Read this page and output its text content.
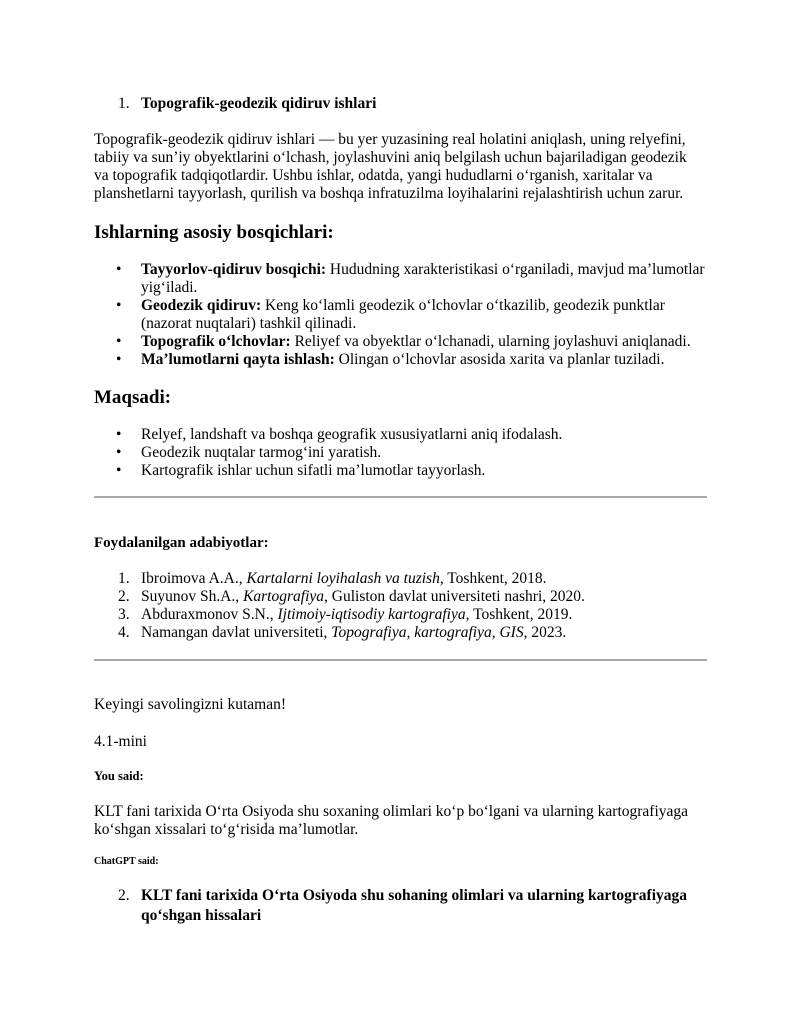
1. Topografik-geodezik qidiruv ishlari

Topografik-geodezik qidiruv ishlari — bu yer yuzasining real holatini aniqlash, uning relyefini, tabiiy va sun’iy obyektlarini o‘lchash, joylashuvini aniq belgilash uchun bajariladigan geodezik va topografik tadqiqotlardir. Ushbu ishlar, odatda, yangi hududlarni o‘rganish, xaritalar va planshetlarni tayyorlash, qurilish va boshqa infratuzilma loyihalarini rejalashtirish uchun zarur.

Ishlarning asosiy bosqichlari:
• Tayyorlov-qidiruv bosqichi: Hududning xarakteristikasi o‘rganiladi, mavjud ma’lumotlar yig‘iladi.
• Geodezik qidiruv: Keng ko‘lamli geodezik o‘lchovlar o‘tkazilib, geodezik punktlar (nazorat nuqtalari) tashkil qilinadi.
• Topografik o‘lchovlar: Reliyef va obyektlar o‘lchanadi, ularning joylashuvi aniqlanadi.
• Ma’lumotlarni qayta ishlash: Olingan o‘lchovlar asosida xarita va planlar tuziladi.
Maqsadi:
• Relyef, landshaft va boshqa geografik xususiyatlarni aniq ifodalash.
• Geodezik nuqtalar tarmog‘ini yaratish.
• Kartografik ishlar uchun sifatli ma’lumotlar tayyorlash.
Foydalanilgan adabiyotlar:
1. Ibroimova A.A., Kartalarni loyihalash va tuzish, Toshkent, 2018.
2. Suyunov Sh.A., Kartografiya, Guliston davlat universiteti nashri, 2020.
3. Abduraxmonov S.N., Ijtimoiy-iqtisodiy kartografiya, Toshkent, 2019.
4. Namangan davlat universiteti, Topografiya, kartografiya, GIS, 2023.

Keyingi savolingizni kutaman!

4.1-mini

You said:

KLT fani tarixida O‘rta Osiyoda shu soxaning olimlari ko‘p bo‘lgani va ularning kartografiyaga ko‘shgan xissalari to‘g‘risida ma’lumotlar.

ChatGPT said:
2. KLT fani tarixida O‘rta Osiyoda shu sohaning olimlari va ularning kartografiyaga qo‘shgan hissalari
